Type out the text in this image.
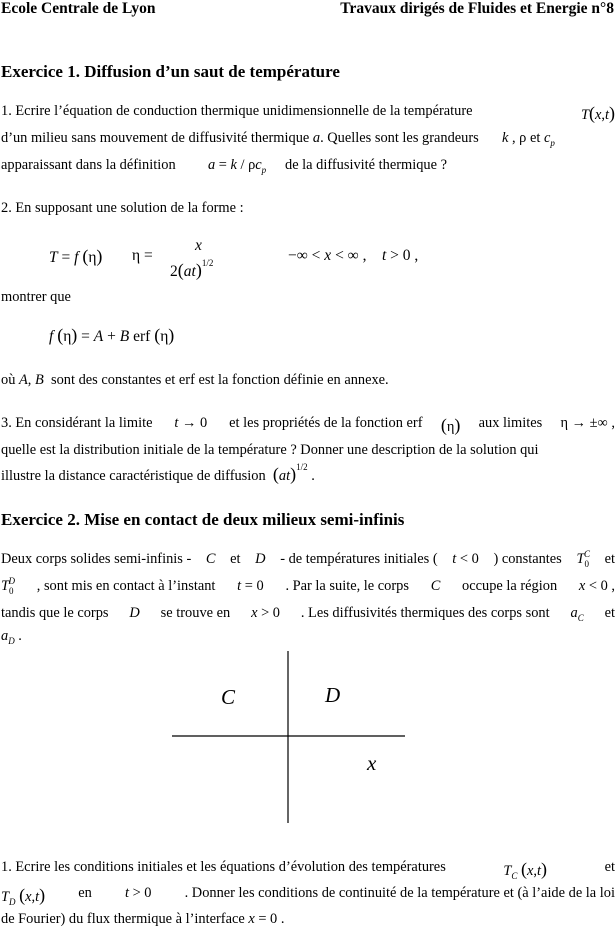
Ecole Centrale de Lyon	Travaux dirigés de Fluides et Energie n°8
Exercice 1. Diffusion d’un saut de température
1. Ecrire l’équation de conduction thermique unidimensionnelle de la température	T(x,t)
d’un milieu sans mouvement de diffusivité thermique a. Quelles sont les grandeurs k , ρ et $c_p$
apparaissant dans la définition $a = k / \rho c_p$ de la diffusivité thermique ?
2. En supposant une solution de la forme :
T = f (η) η =
x
2(at)$^{1/2}$	−∞ < x < ∞ ,    t > 0 ,
montrer que
f (η) = A + B erf (η)
où A, B sont des constantes et erf est la fonction définie en annexe.
3. En considérant la limite t → 0 et les propriétés de la fonction erf (η) aux limites η → ±∞ ,
quelle est la distribution initiale de la température ? Donner une description de la solution qui
illustre la distance caractéristique de diffusion (at)$^{1/2}$ .
Exercice 2. Mise en contact de deux milieux semi-infinis
Deux corps solides semi-infinis - C et D - de températures initiales ( t < 0 ) constantes $T_0^C$ et
$T_0^D$ , sont mis en contact à l’instant t = 0 . Par la suite, le corps C occupe la région x < 0 ,
tandis que le corps D se trouve en x > 0 . Les diffusivités thermiques des corps sont $a_C$ et
$a_D$ .
C	D
x
1. Ecrire les conditions initiales et les équations d’évolution des températures	$T_C$ (x,t)	et
$T_D$ (x,t) en t > 0 . Donner les conditions de continuité de la température et (à l’aide de la loi
de Fourier) du flux thermique à l’interface x = 0 .
